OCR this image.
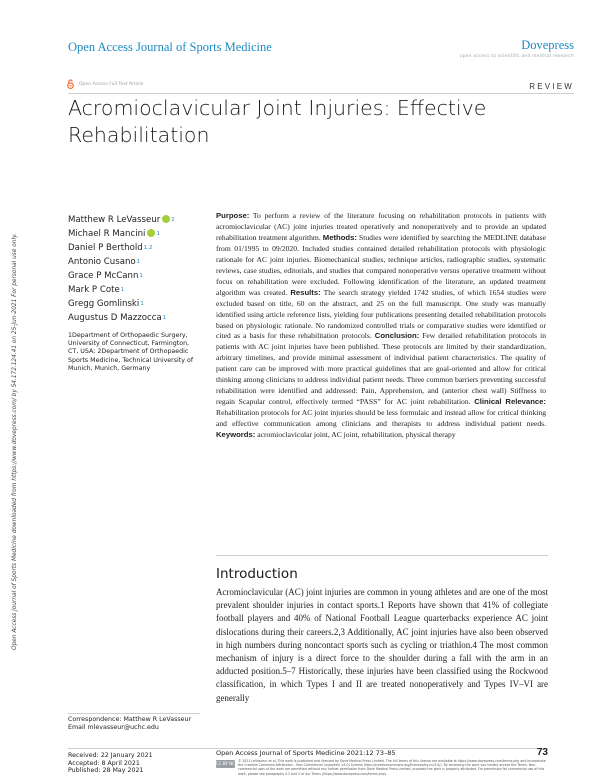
Open Access Journal of Sports Medicine	Dovepress
open access to scientific and medical research
Open Access Full Text Article	REVIEW
Acromioclavicular Joint Injuries: Effective Rehabilitation
Open Access Journal of Sports Medicine downloaded from https://www.dovepress.com/ by 54.172.124.41 on 25-Jun-2021 For personal use only.
Matthew R LeVasseur 1
Michael R Mancini 1
Daniel P Berthold 1,2
Antonio Cusano 1
Grace P McCann 1
Mark P Cote 1
Gregg Gomlinski 1
Augustus D Mazzocca 1
1Department of Orthopaedic Surgery, University of Connecticut, Farmington, CT, USA; 2Department of Orthopaedic Sports Medicine, Technical University of Munich, Munich, Germany

Purpose: To perform a review of the literature focusing on rehabilitation protocols in patients with acromioclavicular (AC) joint injuries treated operatively and nonoperatively and to provide an updated rehabilitation treatment algorithm. Methods: Studies were identified by searching the MEDLINE database from 01/1995 to 09/2020. Included studies contained detailed rehabilitation protocols with physiologic rationale for AC joint injuries. Biomechanical studies, technique articles, radiographic studies, systematic reviews, case studies, editorials, and studies that compared nonoperative versus operative treatment without focus on rehabilitation were excluded. Following identification of the literature, an updated treatment algorithm was created. Results: The search strategy yielded 1742 studies, of which 1654 studies were excluded based on title, 60 on the abstract, and 25 on the full manuscript. One study was manually identified using article reference lists, yielding four publications presenting detailed rehabilitation protocols based on physiologic rationale. No randomized controlled trials or comparative studies were identified or cited as a basis for these rehabilitation protocols. Conclusion: Few detailed rehabilitation protocols in patients with AC joint injuries have been published. These protocols are limited by their standardization, arbitrary timelines, and provide minimal assessment of individual patient characteristics. The quality of patient care can be improved with more practical guidelines that are goal-oriented and allow for critical thinking among clinicians to address individual patient needs. Three common barriers preventing successful rehabilitation were identified and addressed: Pain, Apprehension, and (anterior chest wall) Stiffness to regain Scapular control, effectively termed “PASS” for AC joint rehabilitation. Clinical Relevance: Rehabilitation protocols for AC joint injuries should be less formulaic and instead allow for critical thinking and effective communication among clinicians and therapists to address individual patient needs. Keywords: acromioclavicular joint, AC joint, rehabilitation, physical therapy

Introduction

Acromioclavicular (AC) joint injuries are common in young athletes and are one of the most prevalent shoulder injuries in contact sports.1 Reports have shown that 41% of collegiate football players and 40% of National Football League quarterbacks experience AC joint dislocations during their careers.2,3 Additionally, AC joint injuries have also been observed in high numbers during noncontact sports such as cycling or triathlon.4 The most common mechanism of injury is a direct force to the shoulder during a fall with the arm in an adducted position.5–7 Historically, these injuries have been classified using the Rockwood classification, in which Types I and II are treated nonoperatively and Types IV–VI are generally

Correspondence: Matthew R LeVasseur
Email mlevasseur@uchc.edu
Received: 22 January 2021
Accepted: 8 April 2021
Published: 28 May 2021
Open Access Journal of Sports Medicine 2021:12 73–85	73
CC BY NC © 2021 LeVasseur et al. This work is published and licensed by Dove Medical Press Limited. The full terms of this license are available at https://www.dovepress.com/terms.php and incorporate the Creative Commons Attribution – Non Commercial (unported, v3.0) License (http://creativecommons.org/licenses/by-nc/3.0/). By accessing the work you hereby accept the Terms. Non-commercial uses of the work are permitted without any further permission from Dove Medical Press Limited, provided the work is properly attributed. For permission for commercial use of this work, please see paragraphs 4.2 and 5 of our Terms (https://www.dovepress.com/terms.php).
